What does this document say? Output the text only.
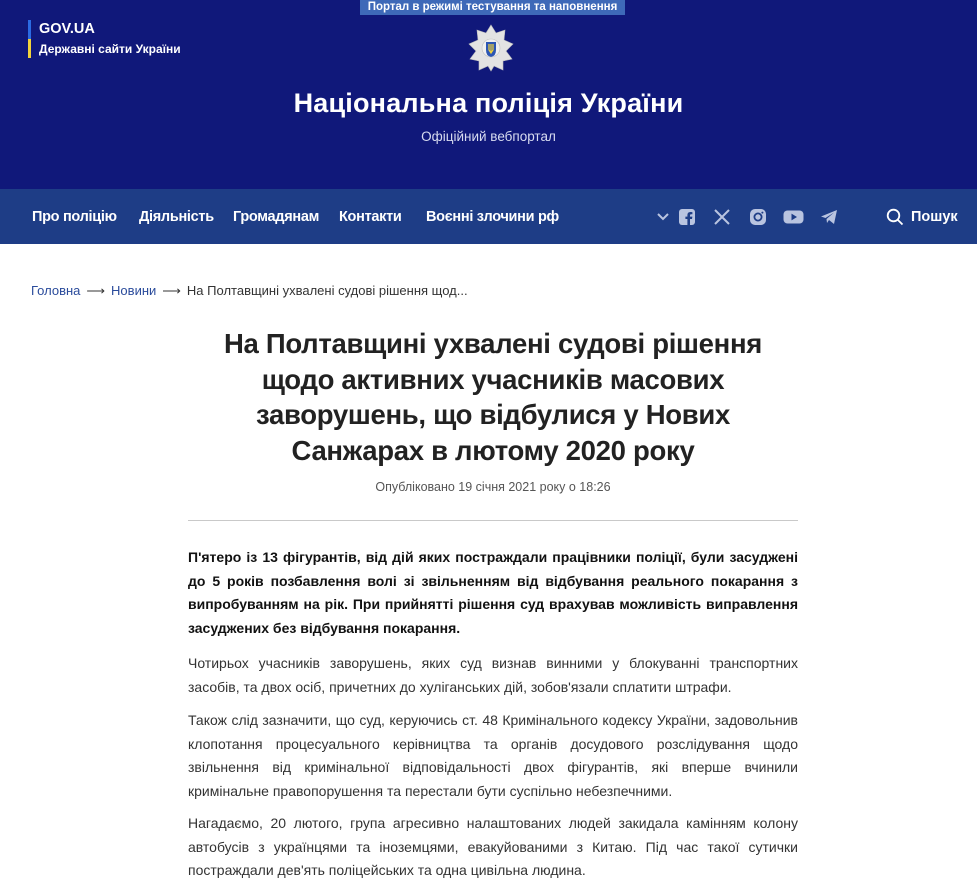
Портал в режимі тестування та наповнення
GOV.UA
Державні сайти України
Національна поліція України
Офіційний вебпортал
Про поліцію Діяльність Громадянам Контакти Воєнні злочини рф	Пошук
Головна ⟶ Новини ⟶ На Полтавщині ухвалені судові рішення щод...
На Полтавщині ухвалені судові рішення щодо активних учасників масових заворушень, що відбулися у Нових Санжарах в лютому 2020 року
Опубліковано 19 січня 2021 року о 18:26

П'ятеро із 13 фігурантів, від дій яких постраждали працівники поліції, були засуджені до 5 років позбавлення волі зі звільненням від відбування реального покарання з випробуванням на рік. При прийнятті рішення суд врахував можливість виправлення засуджених без відбування покарання.

Чотирьох учасників заворушень, яких суд визнав винними у блокуванні транспортних засобів, та двох осіб, причетних до хуліганських дій, зобов'язали сплатити штрафи.

Також слід зазначити, що суд, керуючись ст. 48 Кримінального кодексу України, задовольнив клопотання процесуального керівництва та органів досудового розслідування щодо звільнення від кримінальної відповідальності двох фігурантів, які вперше вчинили кримінальне правопорушення та перестали бути суспільно небезпечними.

Нагадаємо, 20 лютого, група агресивно налаштованих людей закидала камінням колону автобусів з українцями та іноземцями, евакуйованими з Китаю. Під час такої сутички постраждали дев'ять поліцейських та одна цивільна людина.
